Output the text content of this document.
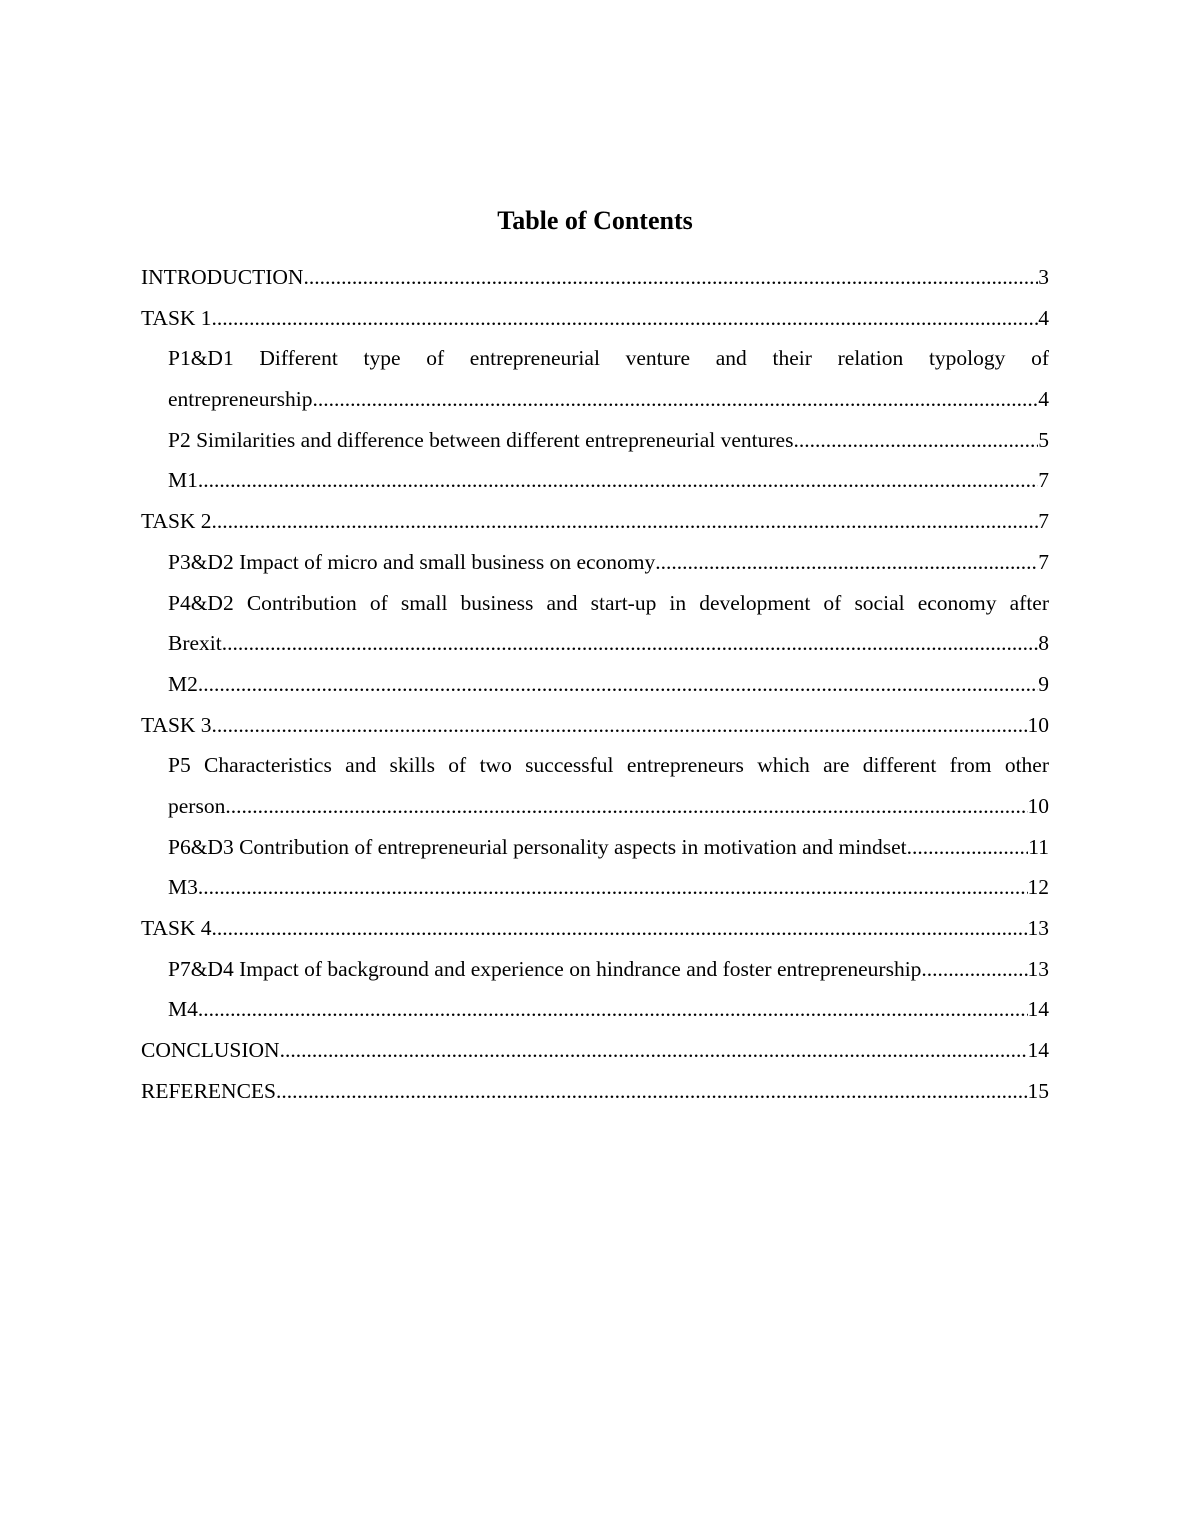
Table of Contents
INTRODUCTION .....	3
TASK 1 .....	4
P1&D1 Different type of entrepreneurial venture and their relation typology of
entrepreneurship .....	4
P2 Similarities and difference between different entrepreneurial ventures .....	5
M1 .....	7
TASK 2 .....	7
P3&D2 Impact of micro and small business on economy .....	7
P4&D2 Contribution of small business and start-up in development of social economy after
Brexit .....	8
M2 .....	9
TASK 3 .....	10
P5 Characteristics and skills of two successful entrepreneurs which are different from other
person .....	10
P6&D3 Contribution of entrepreneurial personality aspects in motivation and mindset .....	11
M3 .....	12
TASK 4 .....	13
P7&D4 Impact of background and experience on hindrance and foster entrepreneurship .....	13
M4 .....	14
CONCLUSION .....	14
REFERENCES .....	15
